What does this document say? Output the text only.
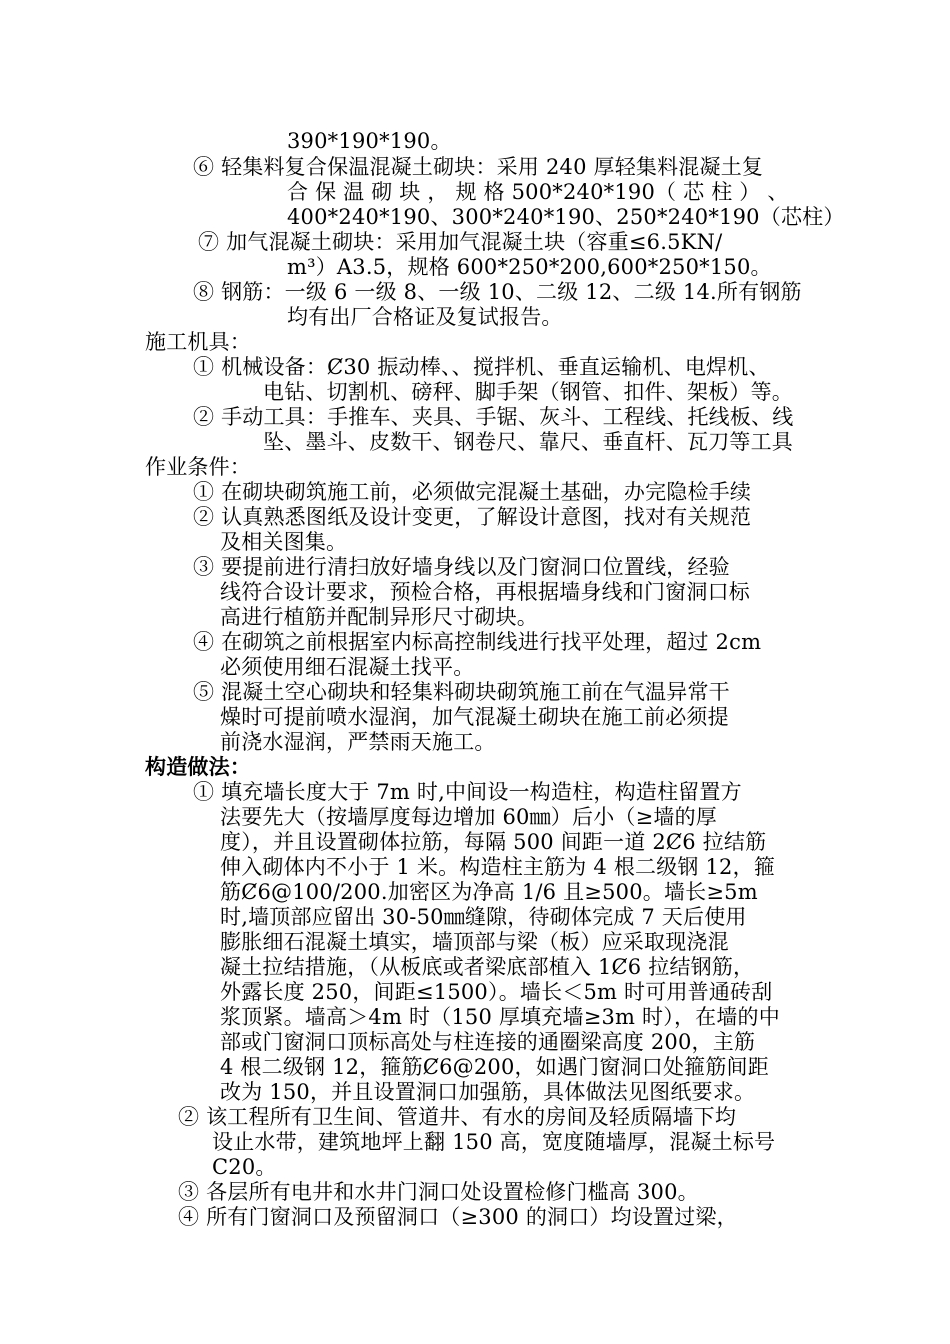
390*190*190。
⑥ 轻集料复合保温混凝土砌块：采用 240 厚轻集料混凝土复
合 保 温 砌 块 ， 规 格 500*240*190（ 芯 柱 ） 、
400*240*190、300*240*190、250*240*190（芯柱）
⑦ 加气混凝土砌块：采用加气混凝土块（容重≤6.5KN/
m³）A3.5，规格 600*250*200,600*250*150。
⑧ 钢筋：一级 6 一级 8、一级 10、二级 12、二级 14.所有钢筋
均有出厂合格证及复试报告。
施工机具：
① 机械设备：Ȼ30 振动棒、、搅拌机、垂直运输机、电焊机、
电钻、切割机、磅秤、脚手架（钢管、扣件、架板）等。
② 手动工具：手推车、夹具、手锯、灰斗、工程线、托线板、线
坠、墨斗、皮数干、钢卷尺、靠尺、垂直杆、瓦刀等工具
作业条件：
① 在砌块砌筑施工前，必须做完混凝土基础，办完隐检手续
② 认真熟悉图纸及设计变更，了解设计意图，找对有关规范
及相关图集。
③ 要提前进行清扫放好墙身线以及门窗洞口位置线，经验
线符合设计要求，预检合格，再根据墙身线和门窗洞口标
高进行植筋并配制异形尺寸砌块。
④ 在砌筑之前根据室内标高控制线进行找平处理，超过 2cm
必须使用细石混凝土找平。
⑤ 混凝土空心砌块和轻集料砌块砌筑施工前在气温异常干
燥时可提前喷水湿润，加气混凝土砌块在施工前必须提
前浇水湿润，严禁雨天施工。
构造做法：
① 填充墙长度大于 7m 时,中间设一构造柱，构造柱留置方
法要先大（按墙厚度每边增加 60㎜）后小（≥墙的厚
度），并且设置砌体拉筋，每隔 500 间距一道 2Ȼ6 拉结筋
伸入砌体内不小于 1 米。构造柱主筋为 4 根二级钢 12，箍
筋Ȼ6@100/200.加密区为净高 1/6 且≥500。墙长≥5m
时,墙顶部应留出 30-50㎜缝隙，待砌体完成 7 天后使用
膨胀细石混凝土填实，墙顶部与梁（板）应采取现浇混
凝土拉结措施，（从板底或者梁底部植入 1Ȼ6 拉结钢筋，
外露长度 250，间距≤1500）。墙长＜5m 时可用普通砖刮
浆顶紧。墙高＞4m 时（150 厚填充墙≥3m 时），在墙的中
部或门窗洞口顶标高处与柱连接的通圈梁高度 200，主筋
4 根二级钢 12，箍筋Ȼ6@200，如遇门窗洞口处箍筋间距
改为 150，并且设置洞口加强筋，具体做法见图纸要求。
② 该工程所有卫生间、管道井、有水的房间及轻质隔墙下均
设止水带，建筑地坪上翻 150 高，宽度随墙厚，混凝土标号
C20。
③ 各层所有电井和水井门洞口处设置检修门槛高 300。
④ 所有门窗洞口及预留洞口（≥300 的洞口）均设置过梁，
